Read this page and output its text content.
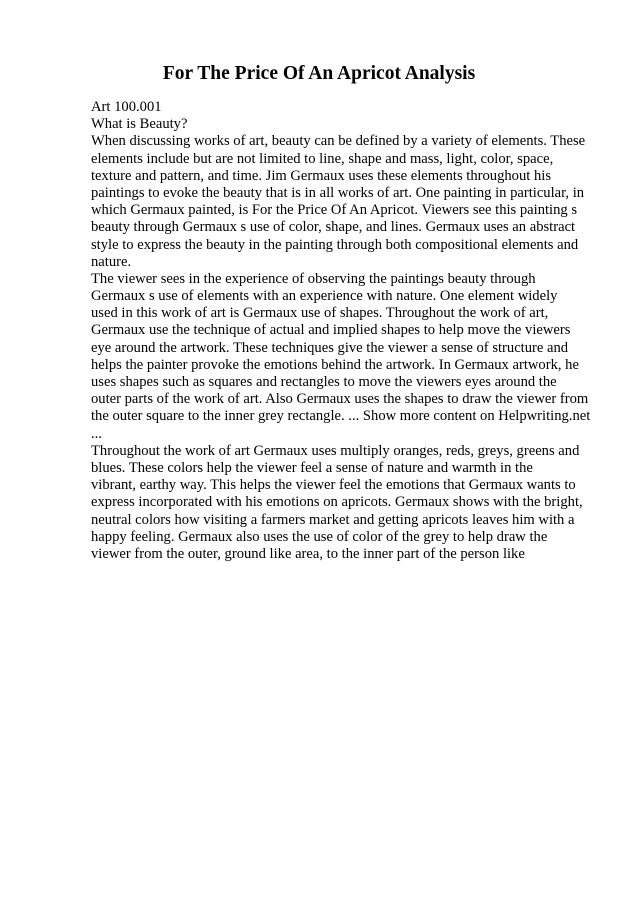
For The Price Of An Apricot Analysis
Art 100.001
What is Beauty?
When discussing works of art, beauty can be defined by a variety of elements. These
elements include but are not limited to line, shape and mass, light, color, space,
texture and pattern, and time. Jim Germaux uses these elements throughout his
paintings to evoke the beauty that is in all works of art. One painting in particular, in
which Germaux painted, is For the Price Of An Apricot. Viewers see this painting s
beauty through Germaux s use of color, shape, and lines. Germaux uses an abstract
style to express the beauty in the painting through both compositional elements and
nature.
The viewer sees in the experience of observing the paintings beauty through
Germaux s use of elements with an experience with nature. One element widely
used in this work of art is Germaux use of shapes. Throughout the work of art,
Germaux use the technique of actual and implied shapes to help move the viewers
eye around the artwork. These techniques give the viewer a sense of structure and
helps the painter provoke the emotions behind the artwork. In Germaux artwork, he
uses shapes such as squares and rectangles to move the viewers eyes around the
outer parts of the work of art. Also Germaux uses the shapes to draw the viewer from
the outer square to the inner grey rectangle. ... Show more content on Helpwriting.net
...
Throughout the work of art Germaux uses multiply oranges, reds, greys, greens and
blues. These colors help the viewer feel a sense of nature and warmth in the
vibrant, earthy way. This helps the viewer feel the emotions that Germaux wants to
express incorporated with his emotions on apricots. Germaux shows with the bright,
neutral colors how visiting a farmers market and getting apricots leaves him with a
happy feeling. Germaux also uses the use of color of the grey to help draw the
viewer from the outer, ground like area, to the inner part of the person like
